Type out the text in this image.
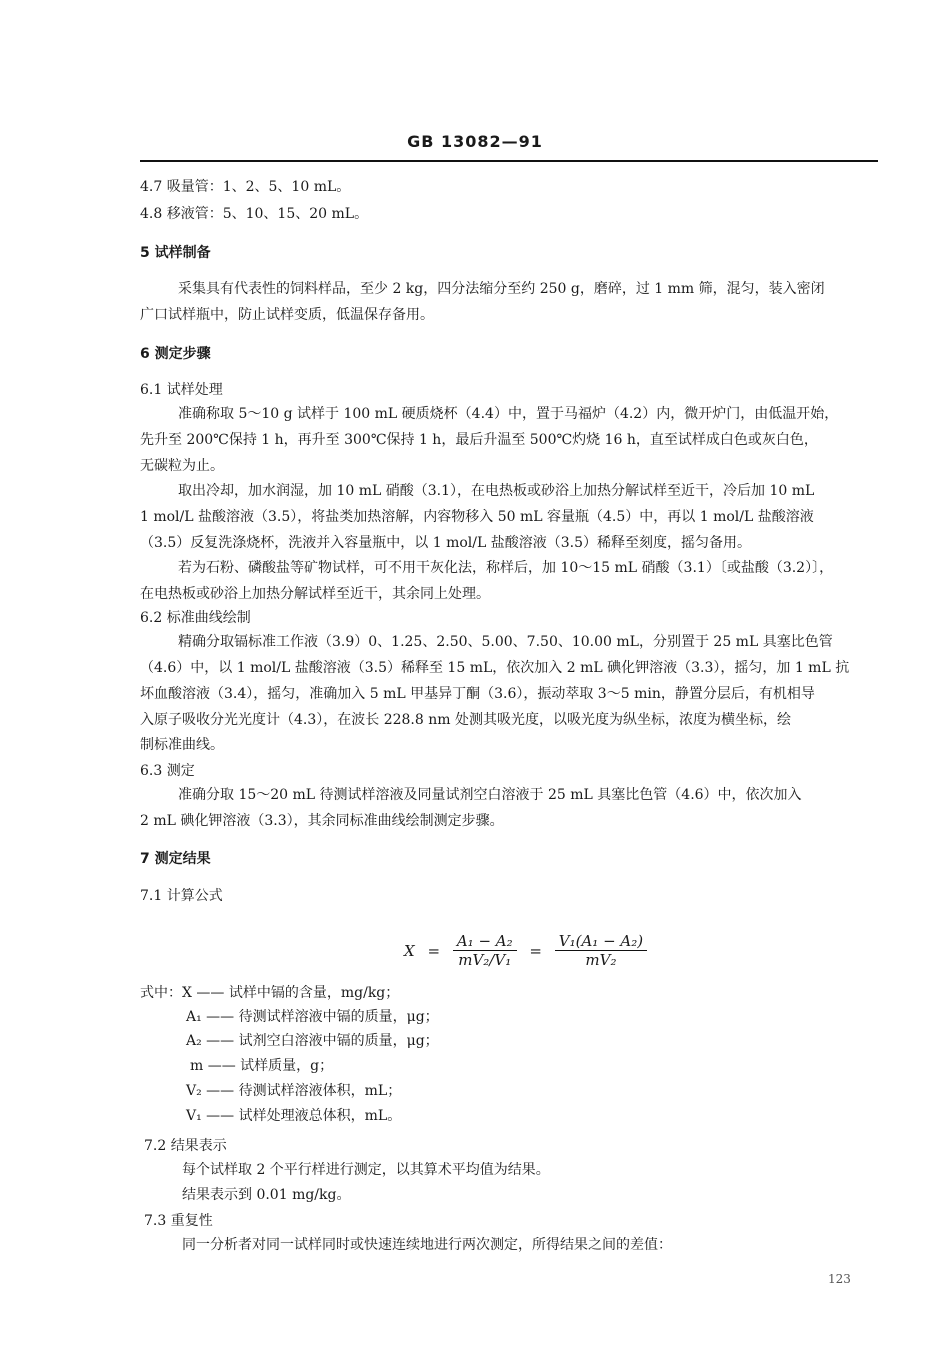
GB 13082—91
4.7 吸量管：1、2、5、10 mL。
4.8 移液管：5、10、15、20 mL。
5 试样制备
采集具有代表性的饲料样品，至少 2 kg，四分法缩分至约 250 g，磨碎，过 1 mm 筛，混匀，装入密闭
广口试样瓶中，防止试样变质，低温保存备用。
6 测定步骤
6.1 试样处理
准确称取 5～10 g 试样于 100 mL 硬质烧杯（4.4）中，置于马福炉（4.2）内，微开炉门，由低温开始，
先升至 200℃保持 1 h，再升至 300℃保持 1 h，最后升温至 500℃灼烧 16 h，直至试样成白色或灰白色，
无碳粒为止。
取出冷却，加水润湿，加 10 mL 硝酸（3.1），在电热板或砂浴上加热分解试样至近干，冷后加 10 mL
1 mol/L 盐酸溶液（3.5），将盐类加热溶解，内容物移入 50 mL 容量瓶（4.5）中，再以 1 mol/L 盐酸溶液
（3.5）反复洗涤烧杯，洗液并入容量瓶中，以 1 mol/L 盐酸溶液（3.5）稀释至刻度，摇匀备用。
若为石粉、磷酸盐等矿物试样，可不用干灰化法，称样后，加 10～15 mL 硝酸（3.1）〔或盐酸（3.2）〕，
在电热板或砂浴上加热分解试样至近干，其余同上处理。
6.2 标准曲线绘制
精确分取镉标准工作液（3.9）0、1.25、2.50、5.00、7.50、10.00 mL，分别置于 25 mL 具塞比色管
（4.6）中，以 1 mol/L 盐酸溶液（3.5）稀释至 15 mL，依次加入 2 mL 碘化钾溶液（3.3），摇匀，加 1 mL 抗
坏血酸溶液（3.4），摇匀，准确加入 5 mL 甲基异丁酮（3.6），振动萃取 3～5 min，静置分层后，有机相导
入原子吸收分光光度计（4.3），在波长 228.8 nm 处测其吸光度，以吸光度为纵坐标，浓度为横坐标，绘
制标准曲线。
6.3 测定
准确分取 15～20 mL 待测试样溶液及同量试剂空白溶液于 25 mL 具塞比色管（4.6）中，依次加入
2 mL 碘化钾溶液（3.3），其余同标准曲线绘制测定步骤。
7 测定结果
7.1 计算公式
$X = \frac{\text{A₁ − A₂}}{\text{mV₂/V₁}} = \frac{\text{V₁(A₁ − A₂)}}{\text{mV₂}}$
式中：X —— 试样中镉的含量，mg/kg；
A₁ —— 待测试样溶液中镉的质量，μg；
A₂ —— 试剂空白溶液中镉的质量，μg；
m —— 试样质量，g；
V₂ —— 待测试样溶液体积，mL；
V₁ —— 试样处理液总体积，mL。
7.2 结果表示
每个试样取 2 个平行样进行测定，以其算术平均值为结果。
结果表示到 0.01 mg/kg。
7.3 重复性
同一分析者对同一试样同时或快速连续地进行两次测定，所得结果之间的差值：
123
